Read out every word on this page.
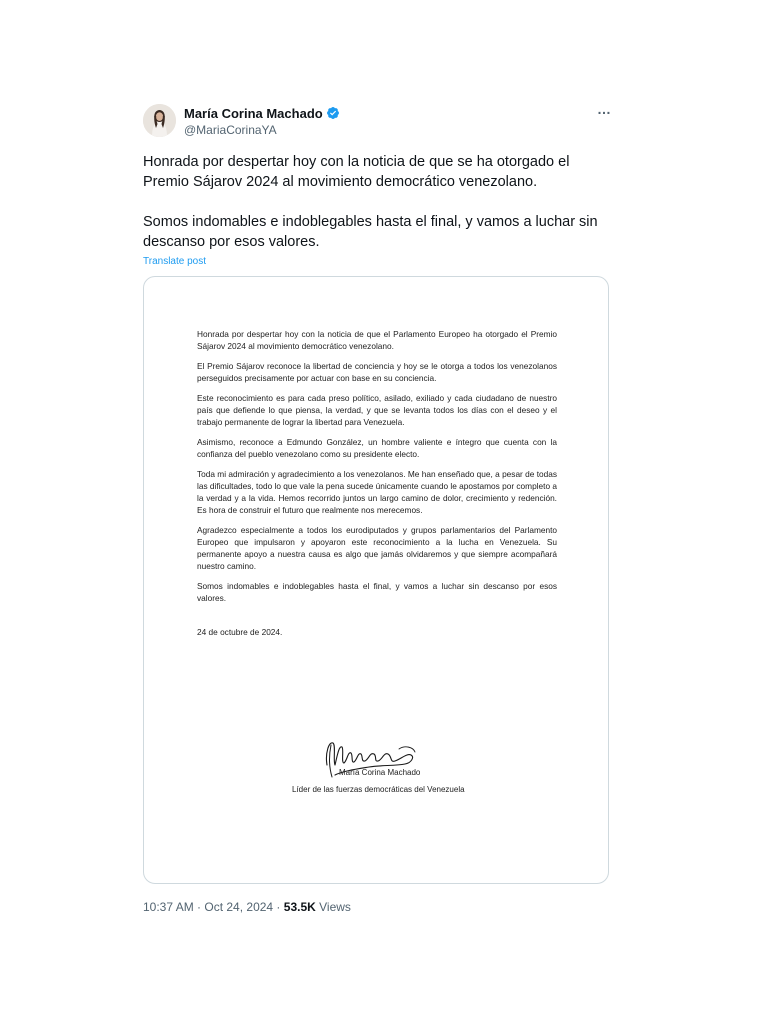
María Corina Machado
@MariaCorinaYA
…

Honrada por despertar hoy con la noticia de que se ha otorgado el Premio Sájarov 2024 al movimiento democrático venezolano.

Somos indomables e indoblegables hasta el final, y vamos a luchar sin descanso por esos valores.

Translate post

Honrada por despertar hoy con la noticia de que el Parlamento Europeo ha otorgado el Premio Sájarov 2024 al movimiento democrático venezolano.

El Premio Sájarov reconoce la libertad de conciencia y hoy se le otorga a todos los venezolanos perseguidos precisamente por actuar con base en su conciencia.

Este reconocimiento es para cada preso político, asilado, exiliado y cada ciudadano de nuestro país que defiende lo que piensa, la verdad, y que se levanta todos los días con el deseo y el trabajo permanente de lograr la libertad para Venezuela.

Asimismo, reconoce a Edmundo González, un hombre valiente e íntegro que cuenta con la confianza del pueblo venezolano como su presidente electo.

Toda mi admiración y agradecimiento a los venezolanos. Me han enseñado que, a pesar de todas las dificultades, todo lo que vale la pena sucede únicamente cuando le apostamos por completo a la verdad y a la vida. Hemos recorrido juntos un largo camino de dolor, crecimiento y redención. Es hora de construir el futuro que realmente nos merecemos.

Agradezco especialmente a todos los eurodiputados y grupos parlamentarios del Parlamento Europeo que impulsaron y apoyaron este reconocimiento a la lucha en Venezuela. Su permanente apoyo a nuestra causa es algo que jamás olvidaremos y que siempre acompañará nuestro camino.

Somos indomables e indoblegables hasta el final, y vamos a luchar sin descanso por esos valores.

24 de octubre de 2024.

María Corina Machado
Líder de las fuerzas democráticas del Venezuela
10:37 AM · Oct 24, 2024 · 53.5K Views
